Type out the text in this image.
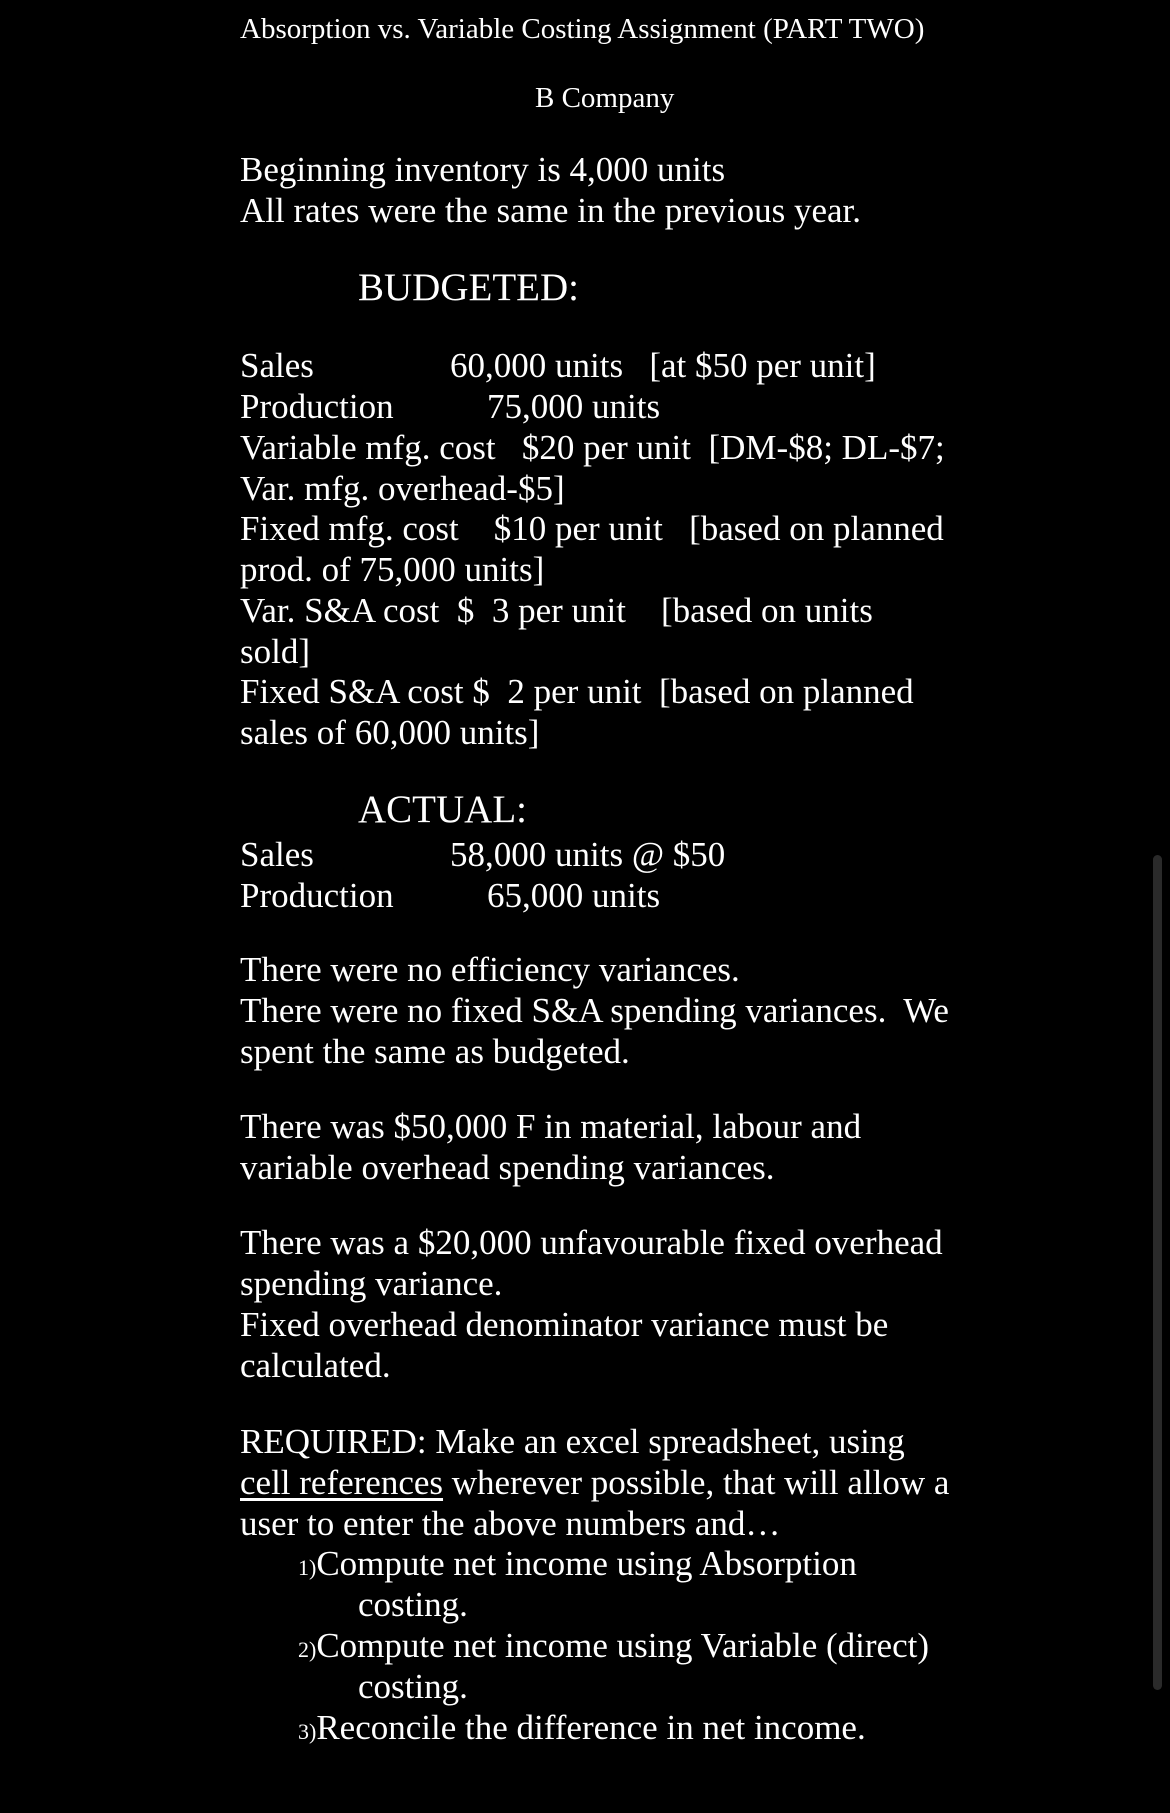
Absorption vs. Variable Costing Assignment (PART TWO)
B Company
Beginning inventory is 4,000 units
All rates were the same in the previous year.
BUDGETED:
Sales	60,000 units   [at $50 per unit]
Production	75,000 units
Variable mfg. cost   $20 per unit  [DM-$8; DL-$7;
Var. mfg. overhead-$5]
Fixed mfg. cost    $10 per unit   [based on planned
prod. of 75,000 units]
Var. S&A cost  $  3 per unit    [based on units
sold]
Fixed S&A cost $  2 per unit  [based on planned
sales of 60,000 units]
ACTUAL:
Sales	58,000 units @ $50
Production	65,000 units
There were no efficiency variances.
There were no fixed S&A spending variances.  We
spent the same as budgeted.
There was $50,000 F in material, labour and
variable overhead spending variances.
There was a $20,000 unfavourable fixed overhead
spending variance.
Fixed overhead denominator variance must be
calculated.
REQUIRED: Make an excel spreadsheet, using
cell references wherever possible, that will allow a
user to enter the above numbers and…
1)Compute net income using Absorption
costing.
2)Compute net income using Variable (direct)
costing.
3)Reconcile the difference in net income.
